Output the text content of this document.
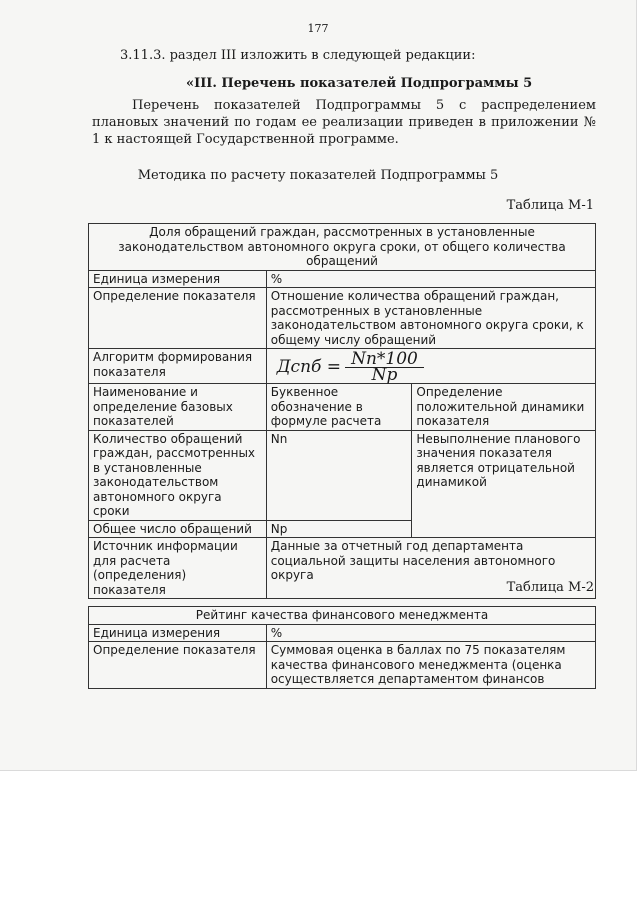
177
3.11.3. раздел III изложить в следующей редакции:
«III. Перечень показателей Подпрограммы 5
Перечень показателей Подпрограммы 5 с распределением плановых значений по годам ее реализации приведен в приложении № 1 к настоящей Государственной программе.
Методика по расчету показателей Подпрограммы 5
Таблица М-1
Доля обращений граждан, рассмотренных в установленные законодательством автономного округа сроки, от общего количества обращений		
Единица измерения	%	
Определение показателя	Отношение количества обращений граждан, рассмотренных в установленные законодательством автономного округа сроки, к общему числу обращений	
Алгоритм формирования показателя	Дспб = $\frac{Nn*100}{Np}$

Наименование и определение базовых показателей	Буквенное обозначение в формуле расчета	Определение положительной динамики показателя
Количество обращений граждан, рассмотренных в установленные законодательством автономного округа сроки	Nn	Невыполнение планового значения показателя является отрицательной динамикой
Общее число обращений	Np	
Источник информации для расчета (определения) показателя	Данные за отчетный год департамента социальной защиты населения автономного округа	
Таблица М-2
Рейтинг качества финансового менеджмента	
Единица измерения	%
Определение показателя	Суммовая оценка в баллах по 75 показателям качества финансового менеджмента (оценка осуществляется департаментом финансов
